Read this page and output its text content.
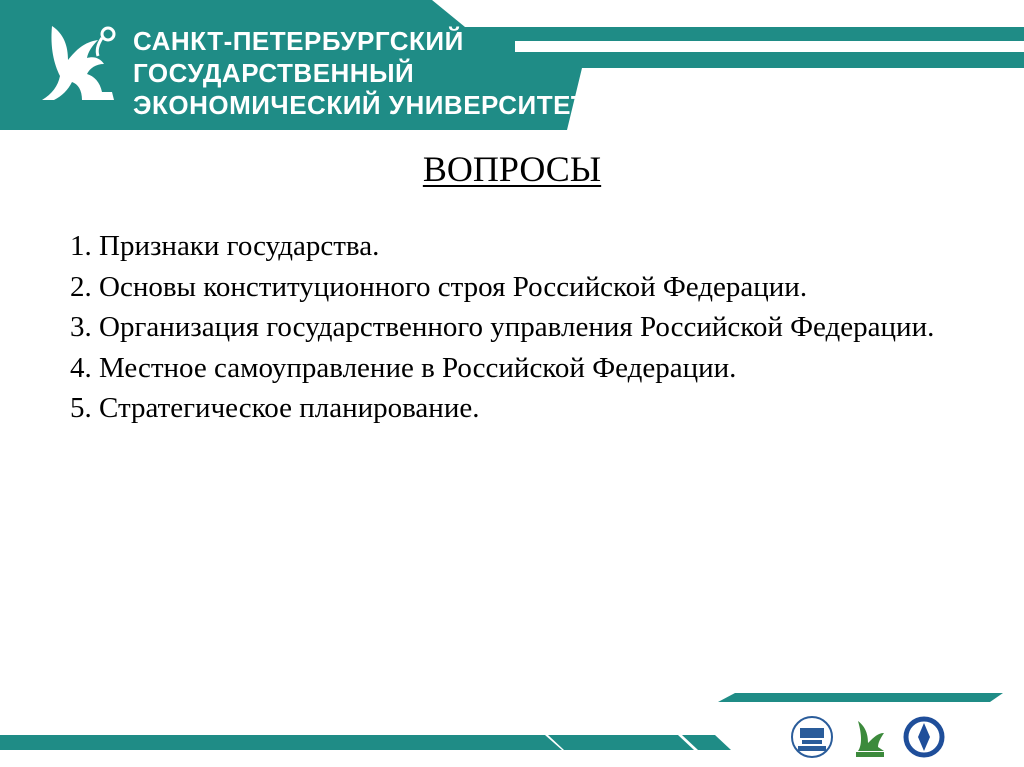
САНКТ-ПЕТЕРБУРГСКИЙ
ГОСУДАРСТВЕННЫЙ
ЭКОНОМИЧЕСКИЙ УНИВЕРСИТЕТ
ВОПРОСЫ

1. Признаки государства.

2. Основы конституционного строя Российской Федерации.

3. Организация государственного управления Российской Федерации.

4. Местное самоуправление в Российской Федерации.

5. Стратегическое планирование.
